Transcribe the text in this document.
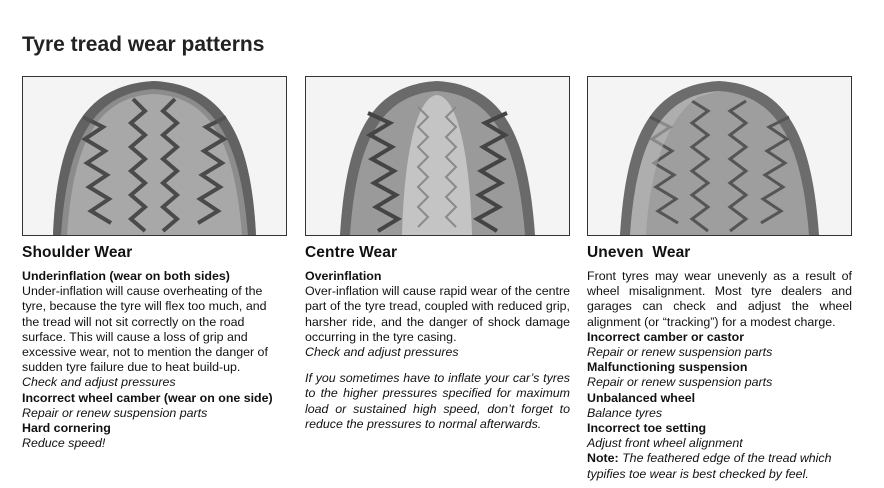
Tyre tread wear patterns
Shoulder Wear
Underinflation (wear on both sides)
Under-inflation will cause overheating of the tyre, because the tyre will flex too much, and the tread will not sit correctly on the road surface. This will cause a loss of grip and excessive wear, not to mention the danger of sudden tyre failure due to heat build-up.
Check and adjust pressures
Incorrect wheel camber (wear on one side)
Repair or renew suspension parts
Hard cornering
Reduce speed!
Centre Wear
Overinflation
Over-inflation will cause rapid wear of the centre part of the tyre tread, coupled with reduced grip, harsher ride, and the danger of shock damage occurring in the tyre casing.
Check and adjust pressures
If you sometimes have to inflate your car’s tyres to the higher pressures specified for maximum load or sustained high speed, don’t forget to reduce the pressures to normal afterwards.
Uneven  Wear
Front tyres may wear unevenly as a result of wheel misalignment. Most tyre dealers and garages can check and adjust the wheel alignment (or “tracking”) for a modest charge.
Incorrect camber or castor
Repair or renew suspension parts
Malfunctioning suspension
Repair or renew suspension parts
Unbalanced wheel
Balance tyres
Incorrect toe setting
Adjust front wheel alignment
Note: The feathered edge of the tread which typifies toe wear is best checked by feel.
